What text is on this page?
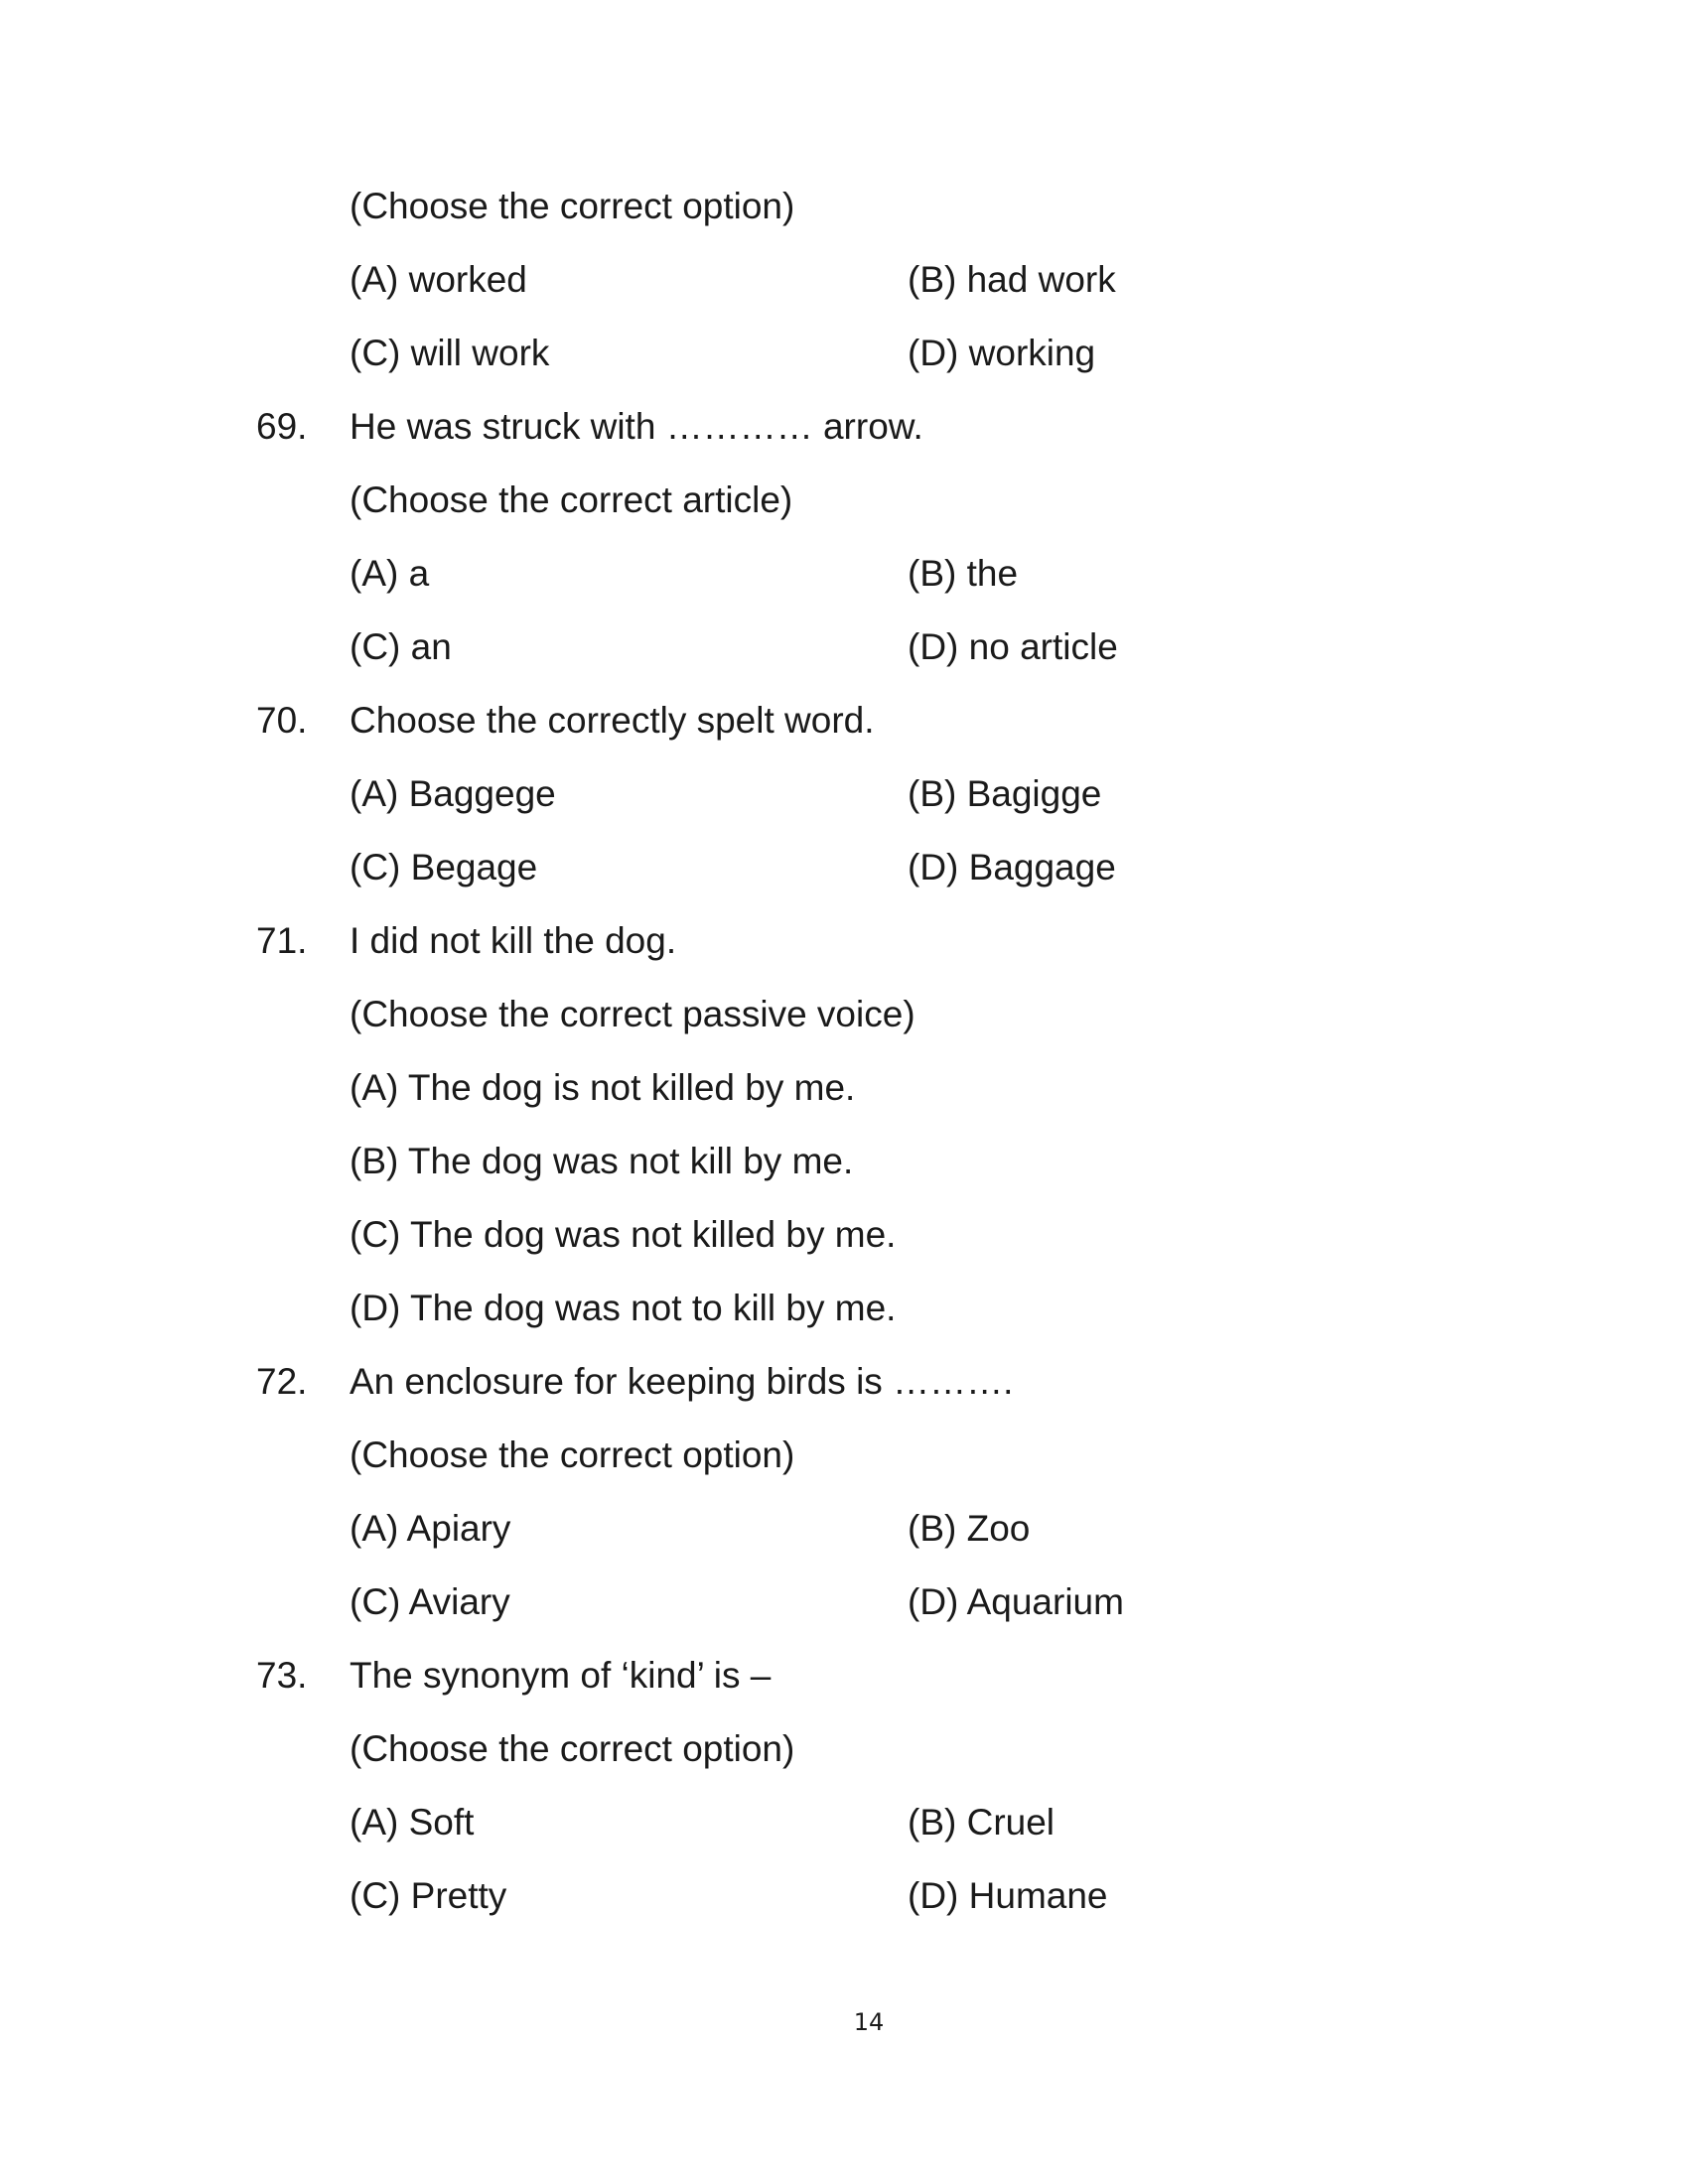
(Choose the correct option)
(A) worked	(B) had work
(C) will work	(D) working
69. He was struck with ………… arrow.
(Choose the correct article)
(A) a	(B) the
(C) an	(D) no article
70. Choose the correctly spelt word.
(A) Baggege	(B) Bagigge
(C) Begage	(D) Baggage
71. I did not kill the dog.
(Choose the correct passive voice)
(A) The dog is not killed by me.
(B) The dog was not kill by me.
(C) The dog was not killed by me.
(D) The dog was not to kill by me.
72. An enclosure for keeping birds is ……….
(Choose the correct option)
(A) Apiary	(B) Zoo
(C) Aviary	(D) Aquarium
73. The synonym of ‘kind’ is –
(Choose the correct option)
(A) Soft	(B) Cruel
(C) Pretty	(D) Humane
14
